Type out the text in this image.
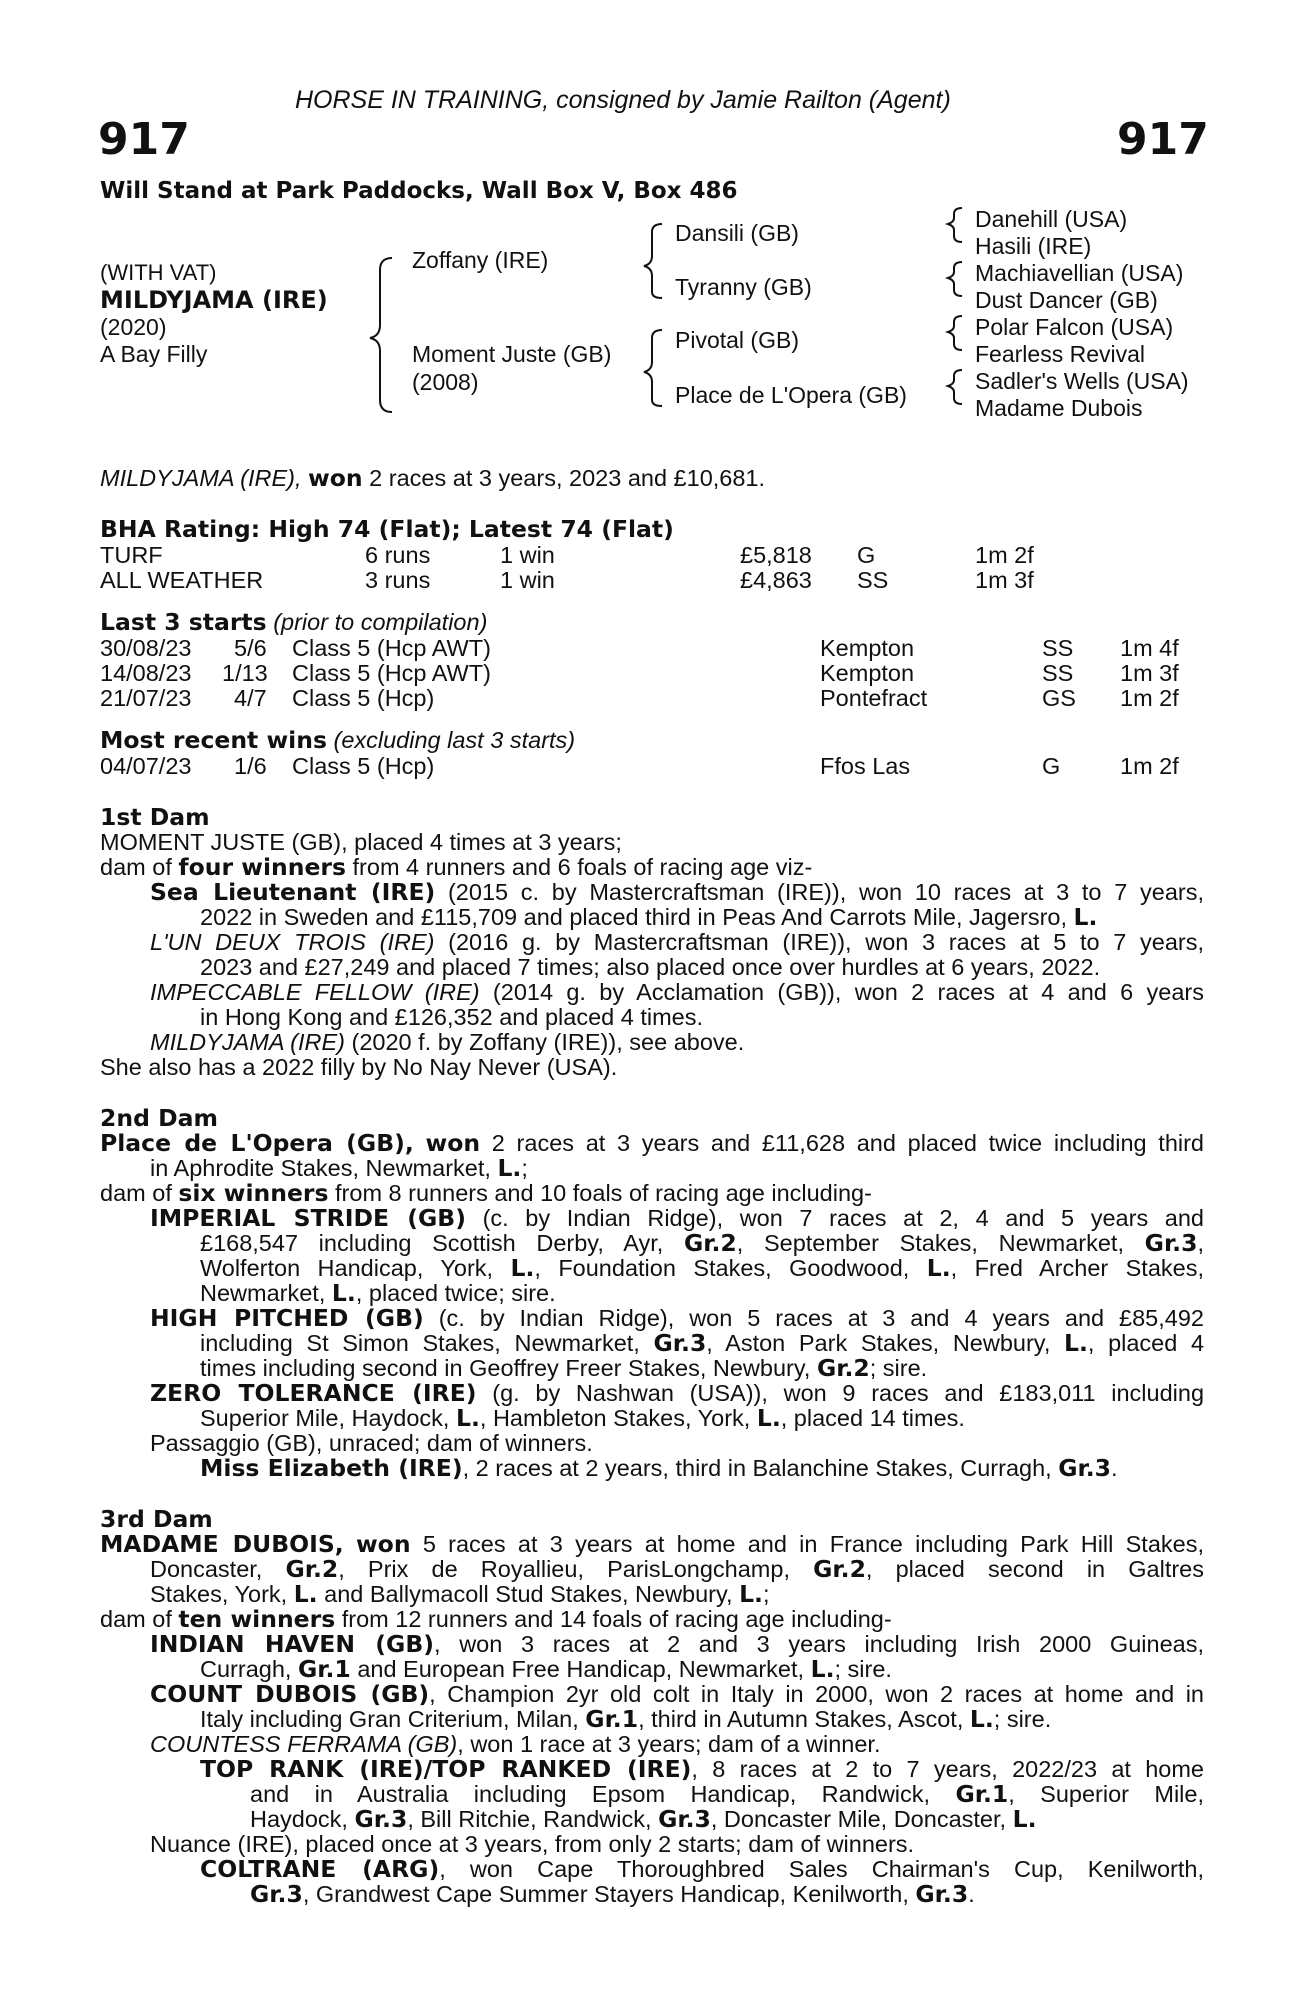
HORSE IN TRAINING, consigned by Jamie Railton (Agent)
917	917
Will Stand at Park Paddocks, Wall Box V, Box 486
(WITH VAT)
MILDYJAMA (IRE)
(2020)
A Bay Filly
Zoffany (IRE)
Moment Juste (GB)
(2008)
Dansili (GB)
Tyranny (GB)
Pivotal (GB)
Place de L'Opera (GB)
Danehill (USA)
Hasili (IRE)
Machiavellian (USA)
Dust Dancer (GB)
Polar Falcon (USA)
Fearless Revival
Sadler's Wells (USA)
Madame Dubois
MILDYJAMA (IRE), won 2 races at 3 years, 2023 and £10,681.
BHA Rating: High 74 (Flat); Latest 74 (Flat)
TURF	6 runs	1 win	£5,818 G	1m 2f
ALL WEATHER	3 runs	1 win	£4,863 SS	1m 3f
Last 3 starts (prior to compilation)
30/08/23 5/6 Class 5 (Hcp AWT)	Kempton	SS 1m 4f
14/08/23 1/13 Class 5 (Hcp AWT)	Kempton	SS 1m 3f
21/07/23 4/7 Class 5 (Hcp)	Pontefract	GS 1m 2f
Most recent wins (excluding last 3 starts)
04/07/23 1/6 Class 5 (Hcp)	Ffos Las	G	1m 2f
1st Dam
MOMENT JUSTE (GB), placed 4 times at 3 years;
dam of four winners from 4 runners and 6 foals of racing age viz-
Sea Lieutenant (IRE) (2015 c. by Mastercraftsman (IRE)), won 10 races at 3 to 7 years,
2022 in Sweden and £115,709 and placed third in Peas And Carrots Mile, Jagersro, L.
L'UN DEUX TROIS (IRE) (2016 g. by Mastercraftsman (IRE)), won 3 races at 5 to 7 years,
2023 and £27,249 and placed 7 times; also placed once over hurdles at 6 years, 2022.
IMPECCABLE FELLOW (IRE) (2014 g. by Acclamation (GB)), won 2 races at 4 and 6 years
in Hong Kong and £126,352 and placed 4 times.
MILDYJAMA (IRE) (2020 f. by Zoffany (IRE)), see above.
She also has a 2022 filly by No Nay Never (USA).
2nd Dam
Place de L'Opera (GB), won 2 races at 3 years and £11,628 and placed twice including third
in Aphrodite Stakes, Newmarket, L.;
dam of six winners from 8 runners and 10 foals of racing age including-
IMPERIAL STRIDE (GB) (c. by Indian Ridge), won 7 races at 2, 4 and 5 years and
£168,547 including Scottish Derby, Ayr, Gr.2, September Stakes, Newmarket, Gr.3,
Wolferton Handicap, York, L., Foundation Stakes, Goodwood, L., Fred Archer Stakes,
Newmarket, L., placed twice; sire.
HIGH PITCHED (GB) (c. by Indian Ridge), won 5 races at 3 and 4 years and £85,492
including St Simon Stakes, Newmarket, Gr.3, Aston Park Stakes, Newbury, L., placed 4
times including second in Geoffrey Freer Stakes, Newbury, Gr.2; sire.
ZERO TOLERANCE (IRE) (g. by Nashwan (USA)), won 9 races and £183,011 including
Superior Mile, Haydock, L., Hambleton Stakes, York, L., placed 14 times.
Passaggio (GB), unraced; dam of winners.
Miss Elizabeth (IRE), 2 races at 2 years, third in Balanchine Stakes, Curragh, Gr.3.
3rd Dam
MADAME DUBOIS, won 5 races at 3 years at home and in France including Park Hill Stakes,
Doncaster, Gr.2, Prix de Royallieu, ParisLongchamp, Gr.2, placed second in Galtres
Stakes, York, L. and Ballymacoll Stud Stakes, Newbury, L.;
dam of ten winners from 12 runners and 14 foals of racing age including-
INDIAN HAVEN (GB), won 3 races at 2 and 3 years including Irish 2000 Guineas,
Curragh, Gr.1 and European Free Handicap, Newmarket, L.; sire.
COUNT DUBOIS (GB), Champion 2yr old colt in Italy in 2000, won 2 races at home and in
Italy including Gran Criterium, Milan, Gr.1, third in Autumn Stakes, Ascot, L.; sire.
COUNTESS FERRAMA (GB), won 1 race at 3 years; dam of a winner.
TOP RANK (IRE)/TOP RANKED (IRE), 8 races at 2 to 7 years, 2022/23 at home
and in Australia including Epsom Handicap, Randwick, Gr.1, Superior Mile,
Haydock, Gr.3, Bill Ritchie, Randwick, Gr.3, Doncaster Mile, Doncaster, L.
Nuance (IRE), placed once at 3 years, from only 2 starts; dam of winners.
COLTRANE (ARG), won Cape Thoroughbred Sales Chairman's Cup, Kenilworth,
Gr.3, Grandwest Cape Summer Stayers Handicap, Kenilworth, Gr.3.
